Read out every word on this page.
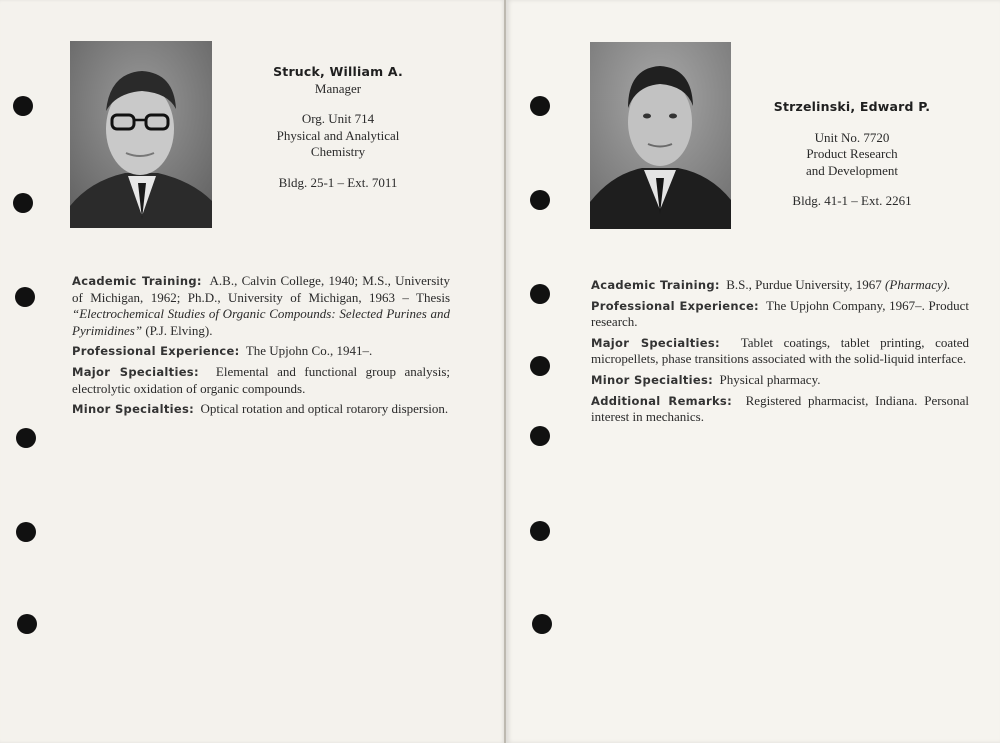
Struck, William A.
Manager
Org. Unit 714
Physical and Analytical
Chemistry
Bldg. 25-1 – Ext. 7011

Academic Training: A.B., Calvin College, 1940; M.S., University of Michigan, 1962; Ph.D., University of Michigan, 1963 – Thesis “Electrochemical Studies of Organic Compounds: Selected Purines and Pyrimidines” (P.J. Elving).

Professional Experience: The Upjohn Co., 1941–.

Major Specialties: Elemental and functional group analysis; electrolytic oxidation of organic compounds.

Minor Specialties: Optical rotation and optical rotarory dispersion.

Strzelinski, Edward P.
Unit No. 7720
Product Research
and Development
Bldg. 41-1 – Ext. 2261

Academic Training: B.S., Purdue University, 1967 (Pharmacy).

Professional Experience: The Upjohn Company, 1967–. Product research.

Major Specialties: Tablet coatings, tablet printing, coated micropellets, phase transitions associated with the solid-liquid interface.

Minor Specialties: Physical pharmacy.

Additional Remarks: Registered pharmacist, Indiana. Personal interest in mechanics.
